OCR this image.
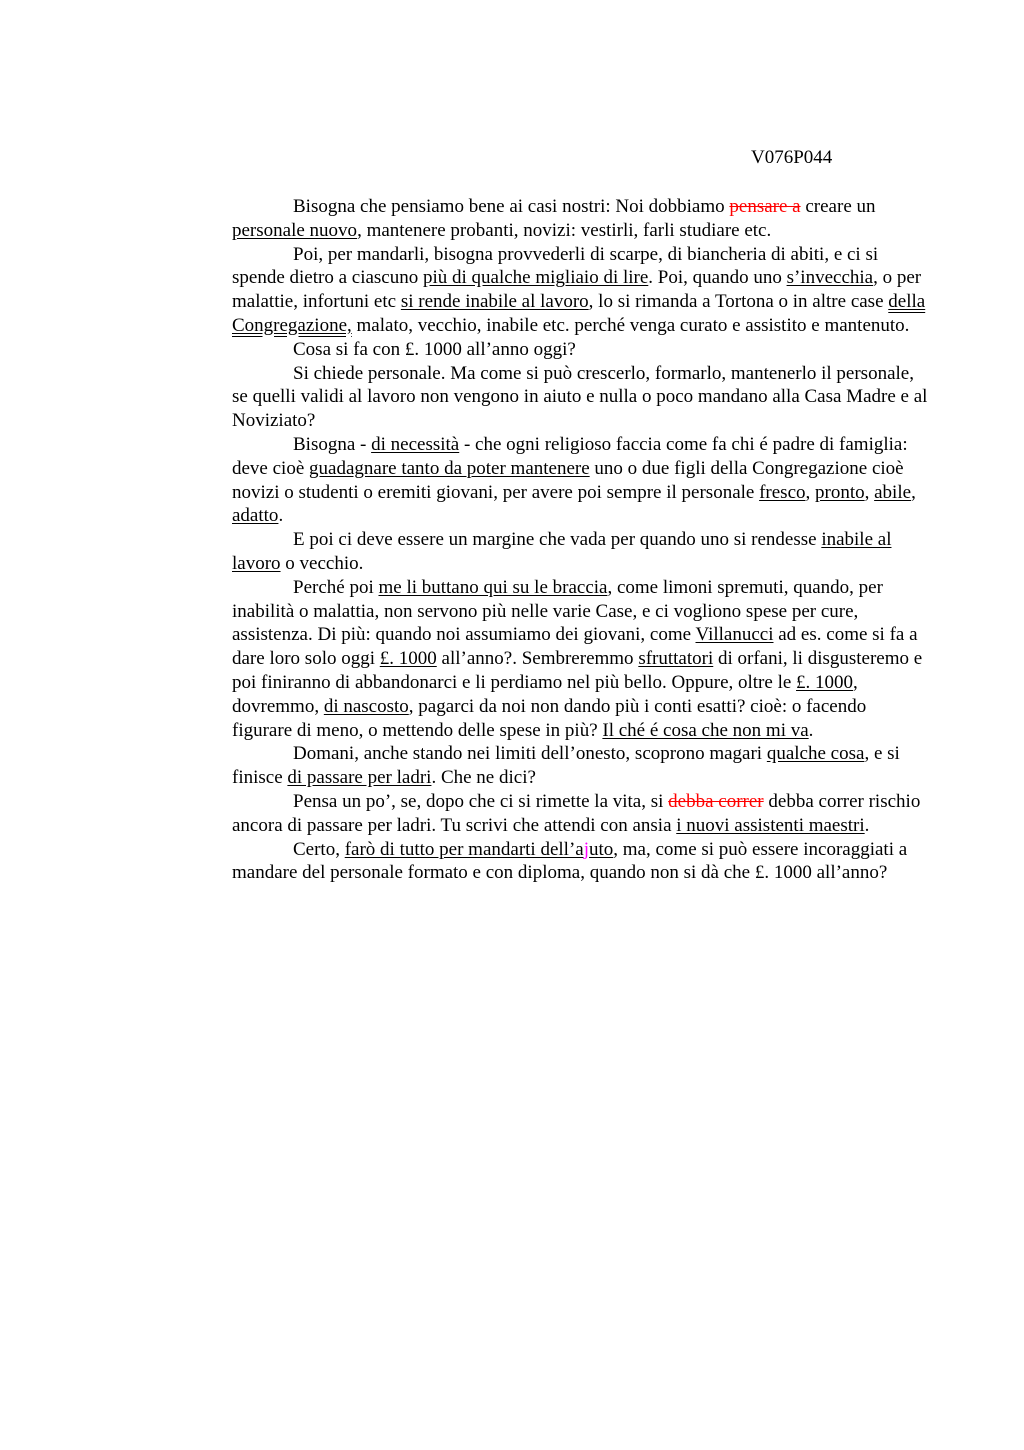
V076P044
Bisogna che pensiamo bene ai casi nostri: Noi dobbiamo pensare a creare un
personale nuovo, mantenere probanti, novizi: vestirli, farli studiare etc.
Poi, per mandarli, bisogna provvederli di scarpe, di biancheria di abiti, e ci si
spende dietro a ciascuno più di qualche migliaio di lire. Poi, quando uno s’invecchia, o per
malattie, infortuni etc si rende inabile al lavoro, lo si rimanda a Tortona o in altre case della
Congregazione, malato, vecchio, inabile etc. perché venga curato e assistito e mantenuto.
Cosa si fa con £. 1000 all’anno oggi?
Si chiede personale. Ma come si può crescerlo, formarlo, mantenerlo il personale,
se quelli validi al lavoro non vengono in aiuto e nulla o poco mandano alla Casa Madre e al
Noviziato?
Bisogna - di necessità - che ogni religioso faccia come fa chi é padre di famiglia:
deve cioè guadagnare tanto da poter mantenere uno o due figli della Congregazione cioè
novizi o studenti o eremiti giovani, per avere poi sempre il personale fresco, pronto, abile,
adatto.
E poi ci deve essere un margine che vada per quando uno si rendesse inabile al
lavoro o vecchio.
Perché poi me li buttano qui su le braccia, come limoni spremuti, quando, per
inabilità o malattia, non servono più nelle varie Case, e ci vogliono spese per cure,
assistenza. Di più: quando noi assumiamo dei giovani, come Villanucci ad es. come si fa a
dare loro solo oggi £. 1000 all’anno?. Sembreremmo sfruttatori di orfani, li disgusteremo e
poi finiranno di abbandonarci e li perdiamo nel più bello. Oppure, oltre le £. 1000,
dovremmo, di nascosto, pagarci da noi non dando più i conti esatti? cioè: o facendo
figurare di meno, o mettendo delle spese in più? Il ché é cosa che non mi va.
Domani, anche stando nei limiti dell’onesto, scoprono magari qualche cosa, e si
finisce di passare per ladri. Che ne dici?
Pensa un po’, se, dopo che ci si rimette la vita, si debba correr debba correr rischio
ancora di passare per ladri. Tu scrivi che attendi con ansia i nuovi assistenti maestri.
Certo, farò di tutto per mandarti dell’ajuto, ma, come si può essere incoraggiati a
mandare del personale formato e con diploma, quando non si dà che £. 1000 all’anno?
